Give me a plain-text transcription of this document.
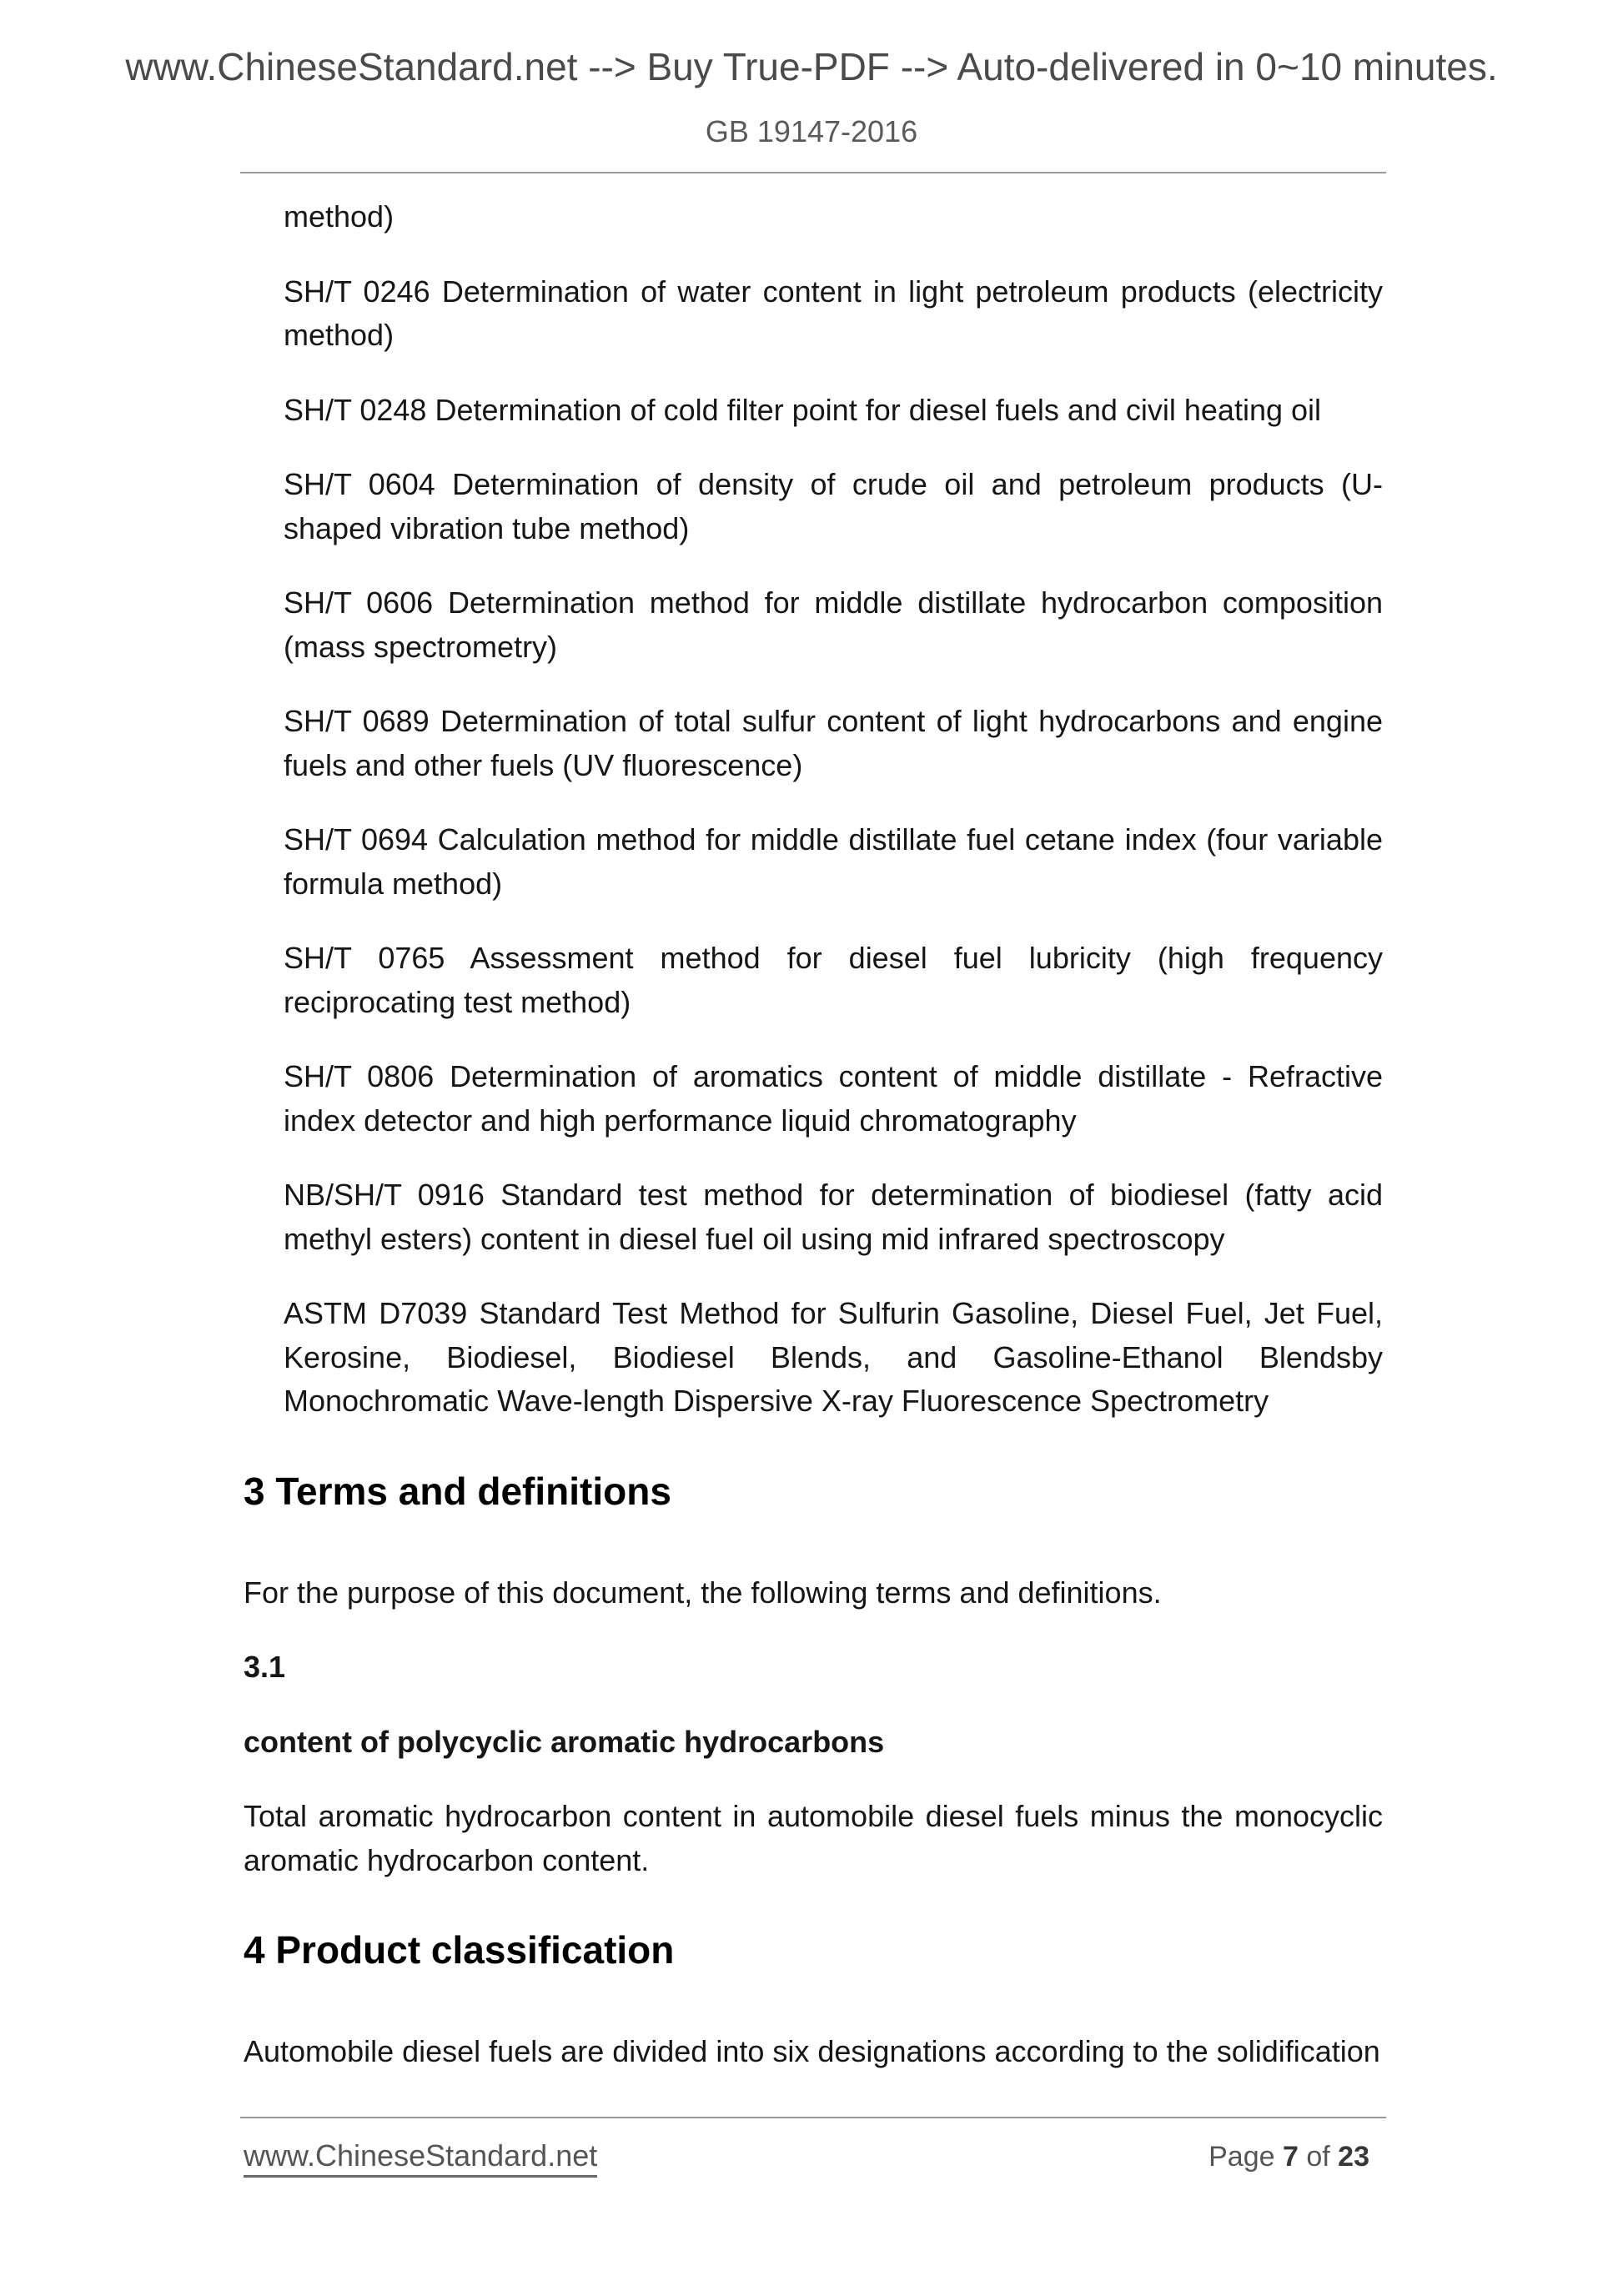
www.ChineseStandard.net --> Buy True-PDF --> Auto-delivered in 0~10 minutes.
GB 19147-2016

method)

SH/T 0246 Determination of water content in light petroleum products (electricity method)

SH/T 0248 Determination of cold filter point for diesel fuels and civil heating oil

SH/T 0604 Determination of density of crude oil and petroleum products (U-shaped vibration tube method)

SH/T 0606 Determination method for middle distillate hydrocarbon composition (mass spectrometry)

SH/T 0689 Determination of total sulfur content of light hydrocarbons and engine fuels and other fuels (UV fluorescence)

SH/T 0694 Calculation method for middle distillate fuel cetane index (four variable formula method)

SH/T 0765 Assessment method for diesel fuel lubricity (high frequency reciprocating test method)

SH/T 0806 Determination of aromatics content of middle distillate - Refractive index detector and high performance liquid chromatography

NB/SH/T 0916 Standard test method for determination of biodiesel (fatty acid methyl esters) content in diesel fuel oil using mid infrared spectroscopy

ASTM D7039 Standard Test Method for Sulfurin Gasoline, Diesel Fuel, Jet Fuel, Kerosine, Biodiesel, Biodiesel Blends, and Gasoline-Ethanol Blendsby Monochromatic Wave-length Dispersive X-ray Fluorescence Spectrometry

3 Terms and definitions

For the purpose of this document, the following terms and definitions.

3.1

content of polycyclic aromatic hydrocarbons

Total aromatic hydrocarbon content in automobile diesel fuels minus the monocyclic aromatic hydrocarbon content.

4 Product classification

Automobile diesel fuels are divided into six designations according to the solidification

www.ChineseStandard.net	Page 7 of 23
